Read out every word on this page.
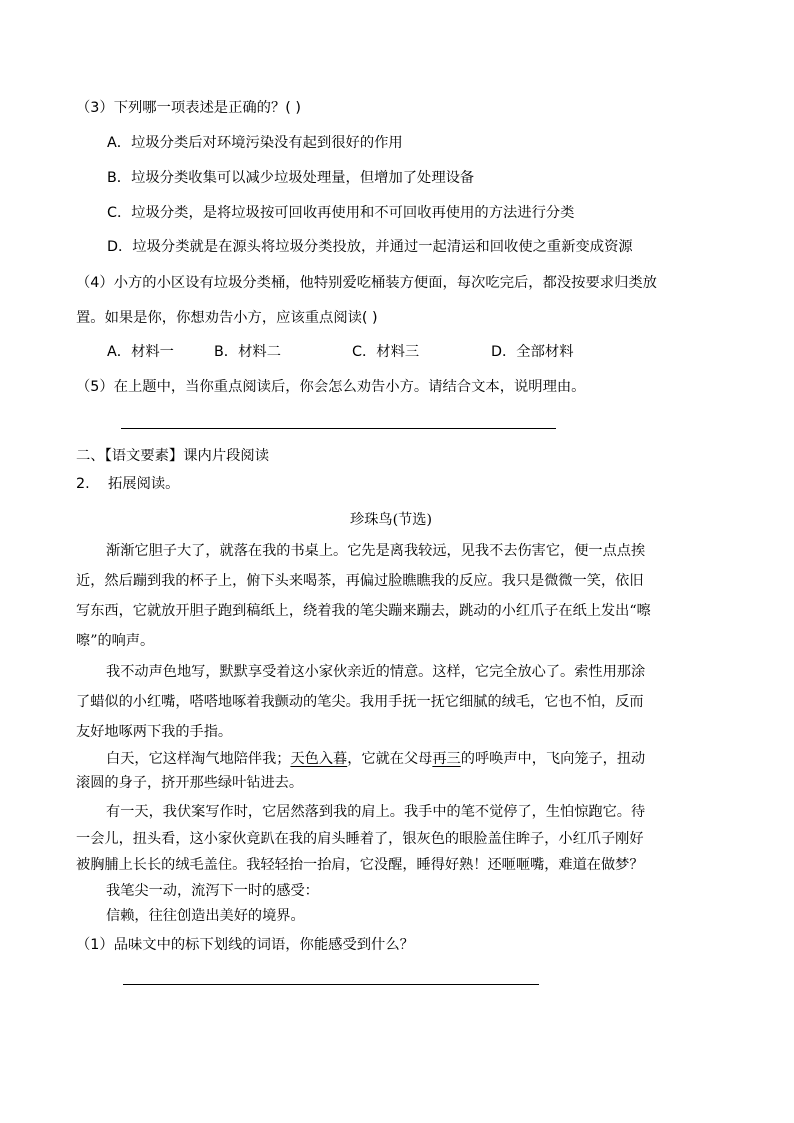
（3）下列哪一项表述是正确的？( )
A．垃圾分类后对环境污染没有起到很好的作用
B．垃圾分类收集可以减少垃圾处理量，但增加了处理设备
C．垃圾分类，是将垃圾按可回收再使用和不可回收再使用的方法进行分类
D．垃圾分类就是在源头将垃圾分类投放，并通过一起清运和回收使之重新变成资源
（4）小方的小区设有垃圾分类桶，他特别爱吃桶装方便面，每次吃完后，都没按要求归类放
置。如果是你，你想劝告小方，应该重点阅读( )
A．材料一	B．材料二	C．材料三	D．全部材料
（5）在上题中，当你重点阅读后，你会怎么劝告小方。请结合文本，说明理由。
二、【语文要素】课内片段阅读
2. 拓展阅读。
珍珠鸟(节选)
渐渐它胆子大了，就落在我的书桌上。它先是离我较远，见我不去伤害它，便一点点挨
近，然后蹦到我的杯子上，俯下头来喝茶，再偏过脸瞧瞧我的反应。我只是微微一笑，依旧
写东西，它就放开胆子跑到稿纸上，绕着我的笔尖蹦来蹦去，跳动的小红爪子在纸上发出“嚓
嚓”的响声。
我不动声色地写，默默享受着这小家伙亲近的情意。这样，它完全放心了。索性用那涂
了蜡似的小红嘴，嗒嗒地啄着我颤动的笔尖。我用手抚一抚它细腻的绒毛，它也不怕，反而
友好地啄两下我的手指。
白天，它这样淘气地陪伴我；天色入暮，它就在父母再三的呼唤声中，飞向笼子，扭动
滚圆的身子，挤开那些绿叶钻进去。
有一天，我伏案写作时，它居然落到我的肩上。我手中的笔不觉停了，生怕惊跑它。待
一会儿，扭头看，这小家伙竟趴在我的肩头睡着了，银灰色的眼脸盖住眸子，小红爪子刚好
被胸脯上长长的绒毛盖住。我轻轻抬一抬肩，它没醒，睡得好熟！还咂咂嘴，难道在做梦？
我笔尖一动，流泻下一时的感受：
信赖，往往创造出美好的境界。
（1）品味文中的标下划线的词语，你能感受到什么？
